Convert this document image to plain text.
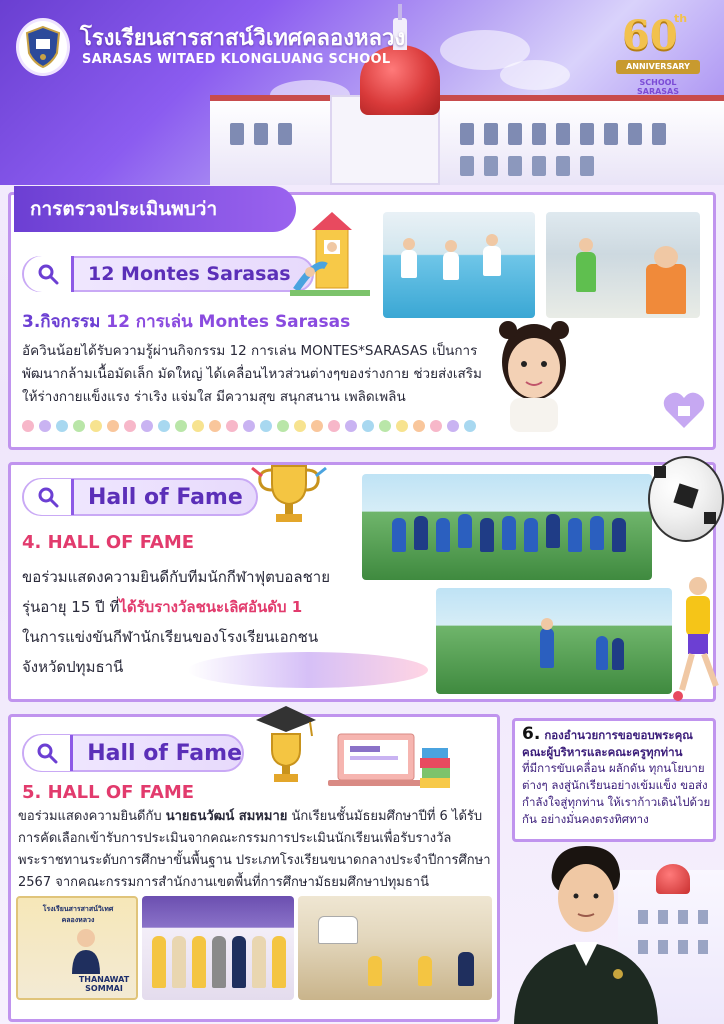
โรงเรียนสารสาสน์วิเทศคลองหลวง
SARASAS WITAED KLONGLUANG SCHOOL
60
th
ANNIVERSARY
SCHOOL SARASAS
การตรวจประเมินพบว่า
12 Montes Sarasas
3.กิจกรรม 12 การเล่น Montes Sarasas
อัควินน้อยได้รับความรู้ผ่านกิจกรรม 12 การเล่น MONTES*SARASAS เป็นการพัฒนากล้ามเนื้อมัดเล็ก มัดใหญ่ ได้เคลื่อนไหวส่วนต่างๆของร่างกาย ช่วยส่งเสริมให้ร่างกายแข็งแรง ร่าเริง แจ่มใส มีความสุข สนุกสนาน เพลิดเพลิน
Hall of Fame
4. HALL OF FAME
ขอร่วมแสดงความยินดีกับทีมนักกีฬาฟุตบอลชาย
รุ่นอายุ 15 ปี ที่ได้รับรางวัลชนะเลิศอันดับ 1
ในการแข่งขันกีฬานักเรียนของโรงเรียนเอกชน
จังหวัดปทุมธานี
Hall of Fame
5. HALL OF FAME
ขอร่วมแสดงความยินดีกับ นายธนวัฒน์ สมหมาย นักเรียนชั้นมัธยมศึกษาปีที่ 6 ได้รับการคัดเลือกเข้ารับการประเมินจากคณะกรรมการประเมินนักเรียนเพื่อรับรางวัลพระราชทานระดับการศึกษาขั้นพื้นฐาน ประเภทโรงเรียนขนาดกลางประจำปีการศึกษา 2567 จากคณะกรรมการสำนักงานเขตพื้นที่การศึกษามัธยมศึกษาปทุมธานี
โรงเรียนสารสาสน์วิเทศคลองหลวง
THANAWAT SOMMAI
6. กองอำนวยการขอขอบพระคุณคณะผู้บริหารและคณะครูทุกท่าน
ที่มีการขับเคลื่อน ผลักดัน ทุกนโยบายต่างๆ ลงสู่นักเรียนอย่างเข้มแข็ง ขอส่งกำลังใจสู่ทุกท่าน ให้เราก้าวเดินไปด้วยกัน อย่างมั่นคงตรงทิศทาง
